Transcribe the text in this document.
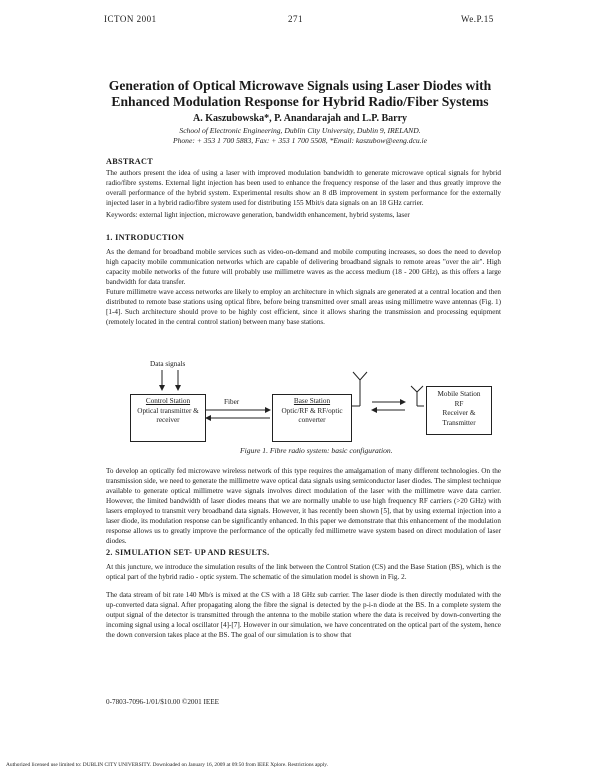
ICTON 2001	271	We.P.15
Generation of Optical Microwave Signals using Laser Diodes with
Enhanced Modulation Response for Hybrid Radio/Fiber Systems
A. Kaszubowska*, P. Anandarajah and L.P. Barry
School of Electronic Engineering, Dublin City University, Dublin 9, IRELAND.
Phone: + 353 1 700 5883, Fax: + 353 1 700 5508, *Email: kaszubow@eeng.dcu.ie
ABSTRACT
The authors present the idea of using a laser with improved modulation bandwidth to generate microwave optical signals for hybrid radio/fibre systems. External light injection has been used to enhance the frequency response of the laser and thus greatly improve the overall performance of the hybrid system. Experimental results show an 8 dB improvement in system performance for the externally injected laser in a hybrid radio/fibre system used for distributing 155 Mbit/s data signals on an 18 GHz carrier.
Keywords: external light injection, microwave generation, bandwidth enhancement, hybrid systems, laser
1. INTRODUCTION
As the demand for broadband mobile services such as video-on-demand and mobile computing increases, so does the need to develop high capacity mobile communication networks which are capable of delivering broadband signals to remote areas "over the air". High capacity mobile networks of the future will probably use millimetre waves as the access medium (18 - 200 GHz), as this offers a large bandwidth for data transfer.
Future millimetre wave access networks are likely to employ an architecture in which signals are generated at a central location and then distributed to remote base stations using optical fibre, before being transmitted over small areas using millimetre wave antennas (Fig. 1) [1-4]. Such architecture should prove to be highly cost efficient, since it allows sharing the transmission and processing equipment (remotely located in the central control station) between many base stations.
Data signals
Control Station
Optical transmitter & receiver
Fiber	Base Station
Optic/RF & RF/optic converter
Mobile Station
RF
Receiver &
Transmitter
Figure 1. Fibre radio system: basic configuration.
To develop an optically fed microwave wireless network of this type requires the amalgamation of many different technologies. On the transmission side, we need to generate the millimetre wave optical data signals using semiconductor laser diodes. The simplest technique available to generate optical millimetre wave signals involves direct modulation of the laser with the millimetre wave data carrier. However, the limited bandwidth of laser diodes means that we are normally unable to use high frequency RF carriers (>20 GHz) with lasers employed to transmit very broadband data signals. However, it has recently been shown [5], that by using external injection into a laser diode, its modulation response can be significantly enhanced. In this paper we demonstrate that this enhancement of the modulation response allows us to greatly improve the performance of the optically fed millimetre wave system based on direct modulation of laser diodes.
2. SIMULATION SET- UP AND RESULTS.
At this juncture, we introduce the simulation results of the link between the Control Station (CS) and the Base Station (BS), which is the optical part of the hybrid radio - optic system. The schematic of the simulation model is shown in Fig. 2.
The data stream of bit rate 140 Mb/s is mixed at the CS with a 18 GHz sub carrier. The laser diode is then directly modulated with the up-converted data signal. After propagating along the fibre the signal is detected by the p-i-n diode at the BS. In a complete system the output signal of the detector is transmitted through the antenna to the mobile station where the data is received by down-converting the incoming signal using a local oscillator [4]-[7]. However in our simulation, we have concentrated on the optical part of the system, hence the down conversion takes place at the BS. The goal of our simulation is to show that
0-7803-7096-1/01/$10.00 ©2001 IEEE
Authorized licensed use limited to: DUBLIN CITY UNIVERSITY. Downloaded on January 16, 2009 at 09:50 from IEEE Xplore. Restrictions apply.
